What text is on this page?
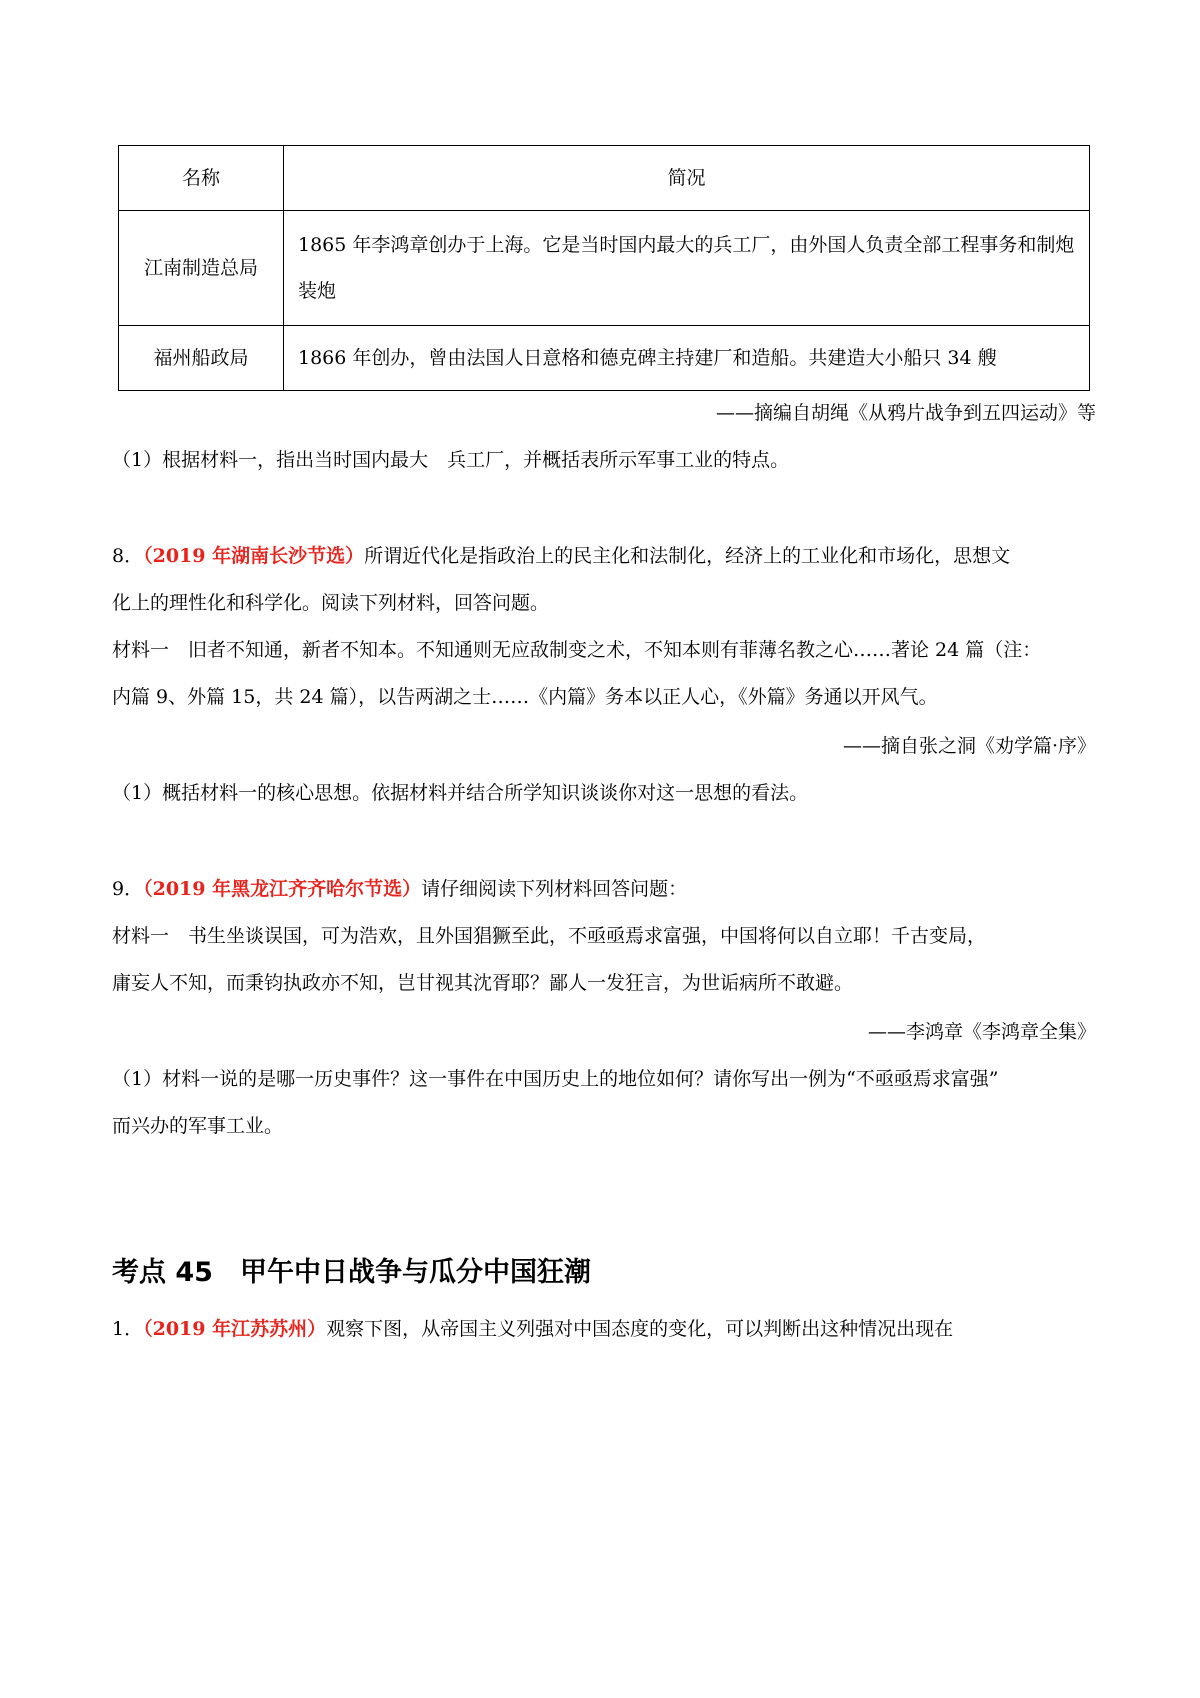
名称	简况
江南制造总局	1865 年李鸿章创办于上海。它是当时国内最大的兵工厂，由外国人负责全部工程事务和制炮装炮
福州船政局	1866 年创办，曾由法国人日意格和德克碑主持建厂和造船。共建造大小船只 34 艘
——摘编自胡绳《从鸦片战争到五四运动》等
（1）根据材料一，指出当时国内最大　兵工厂，并概括表所示军事工业的特点。
8．（2019 年湖南长沙节选）所谓近代化是指政治上的民主化和法制化，经济上的工业化和市场化，思想文
化上的理性化和科学化。阅读下列材料，回答问题。
材料一　旧者不知通，新者不知本。不知通则无应敌制变之术，不知本则有菲薄名教之心……著论 24 篇（注：
内篇 9、外篇 15，共 24 篇），以告两湖之士……《内篇》务本以正人心，《外篇》务通以开风气。
——摘自张之洞《劝学篇·序》
（1）概括材料一的核心思想。依据材料并结合所学知识谈谈你对这一思想的看法。
9．（2019 年黑龙江齐齐哈尔节选）请仔细阅读下列材料回答问题：
材料一　书生坐谈误国，可为浩欢，且外国猖獗至此，不亟亟焉求富强，中国将何以自立耶！千古变局，
庸妄人不知，而秉钧执政亦不知，岂甘视其沈胥耶？鄙人一发狂言，为世诟病所不敢避。
——李鸿章《李鸿章全集》
（1）材料一说的是哪一历史事件？这一事件在中国历史上的地位如何？请你写出一例为“不亟亟焉求富强”
而兴办的军事工业。
考点 45　甲午中日战争与瓜分中国狂潮
1．（2019 年江苏苏州）观察下图，从帝国主义列强对中国态度的变化，可以判断出这种情况出现在
